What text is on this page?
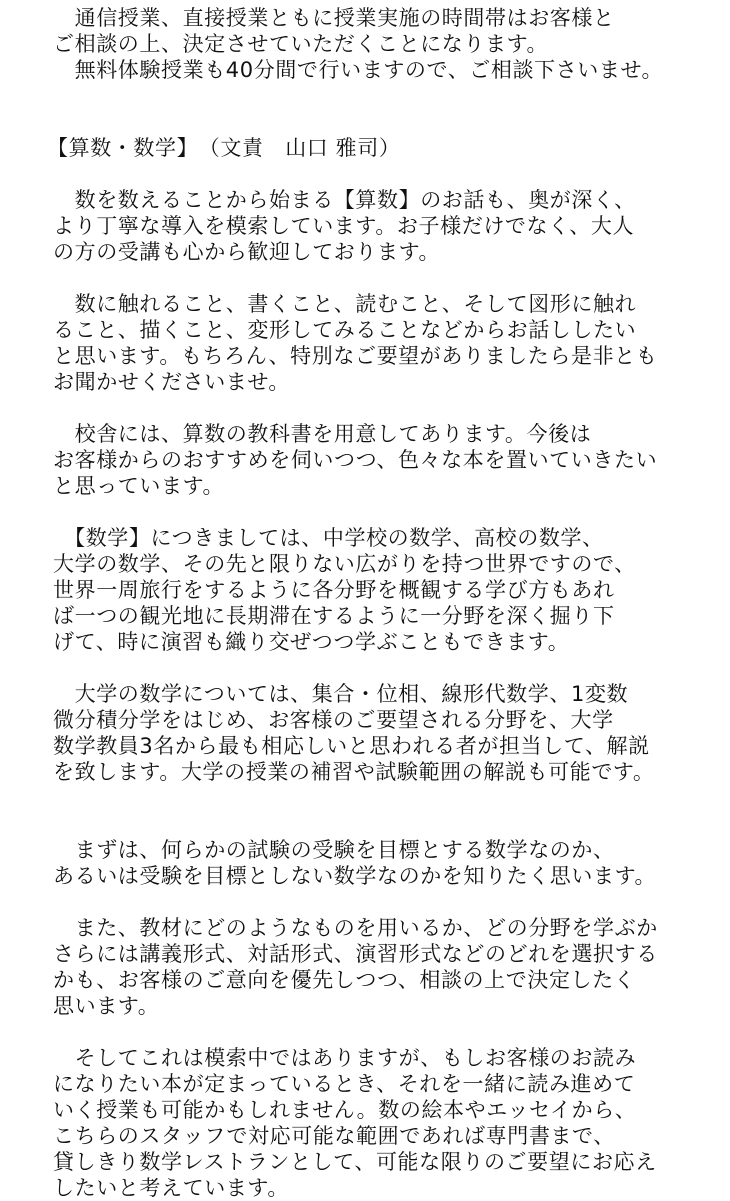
　通信授業、直接授業ともに授業実施の時間帯はお客様と
ご相談の上、決定させていただくことになります。
　無料体験授業も40分間で行いますので、ご相談下さいませ。
【算数・数学】　（文責　山口 雅司）
　数を数えることから始まる【算数】のお話も、奥が深く、
より丁寧な導入を模索しています。お子様だけでなく、大人
の方の受講も心から歓迎しております。
　数に触れること、書くこと、読むこと、そして図形に触れ
ること、描くこと、変形してみることなどからお話ししたい
と思います。もちろん、特別なご要望がありましたら是非とも
お聞かせくださいませ。
　校舎には、算数の教科書を用意してあります。今後は
お客様からのおすすめを伺いつつ、色々な本を置いていきたい
と思っています。
　【数学】につきましては、中学校の数学、高校の数学、
大学の数学、その先と限りない広がりを持つ世界ですので、
世界一周旅行をするように各分野を概観する学び方もあれ
ば一つの観光地に長期滞在するように一分野を深く掘り下
げて、時に演習も織り交ぜつつ学ぶこともできます。
　大学の数学については、集合・位相、線形代数学、1変数
微分積分学をはじめ、お客様のご要望される分野を、大学
数学教員3名から最も相応しいと思われる者が担当して、解説
を致します。大学の授業の補習や試験範囲の解説も可能です。
　まずは、何らかの試験の受験を目標とする数学なのか、
あるいは受験を目標としない数学なのかを知りたく思います。
　また、教材にどのようなものを用いるか、どの分野を学ぶか
さらには講義形式、対話形式、演習形式などのどれを選択する
かも、お客様のご意向を優先しつつ、相談の上で決定したく
思います。
　そしてこれは模索中ではありますが、もしお客様のお読み
になりたい本が定まっているとき、それを一緒に読み進めて
いく授業も可能かもしれません。数の絵本やエッセイから、
こちらのスタッフで対応可能な範囲であれば専門書まで、
貸しきり数学レストランとして、可能な限りのご要望にお応え
したいと考えています。
